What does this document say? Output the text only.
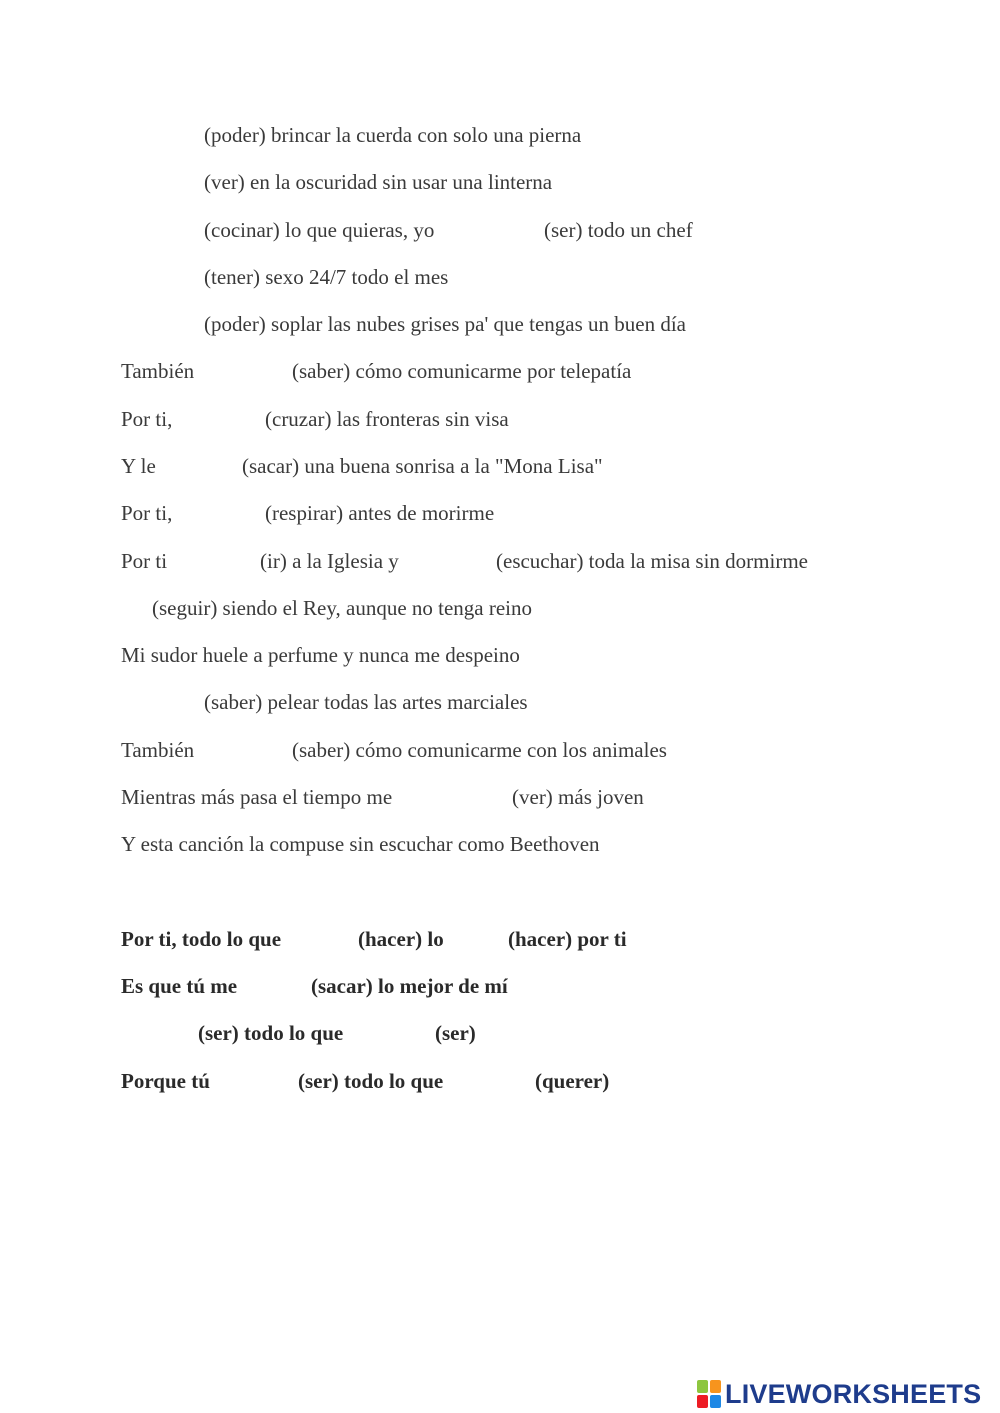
(poder) brincar la cuerda con solo una pierna
(ver) en la oscuridad sin usar una linterna
(cocinar) lo que quieras, yo	(ser) todo un chef
(tener) sexo 24/7 todo el mes
(poder) soplar las nubes grises pa' que tengas un buen día
También	(saber) cómo comunicarme por telepatía
Por ti,	(cruzar) las fronteras sin visa
Y le	(sacar) una buena sonrisa a la "Mona Lisa"
Por ti,	(respirar) antes de morirme
Por ti	(ir) a la Iglesia y	(escuchar) toda la misa sin dormirme
(seguir) siendo el Rey, aunque no tenga reino
Mi sudor huele a perfume y nunca me despeino
(saber) pelear todas las artes marciales
También	(saber) cómo comunicarme con los animales
Mientras más pasa el tiempo me	(ver) más joven
Y esta canción la compuse sin escuchar como Beethoven
Por ti, todo lo que	(hacer) lo	(hacer) por ti
Es que tú me	(sacar) lo mejor de mí
(ser) todo lo que	(ser)
Porque tú	(ser) todo lo que	(querer)
LIVEWORKSHEETS
